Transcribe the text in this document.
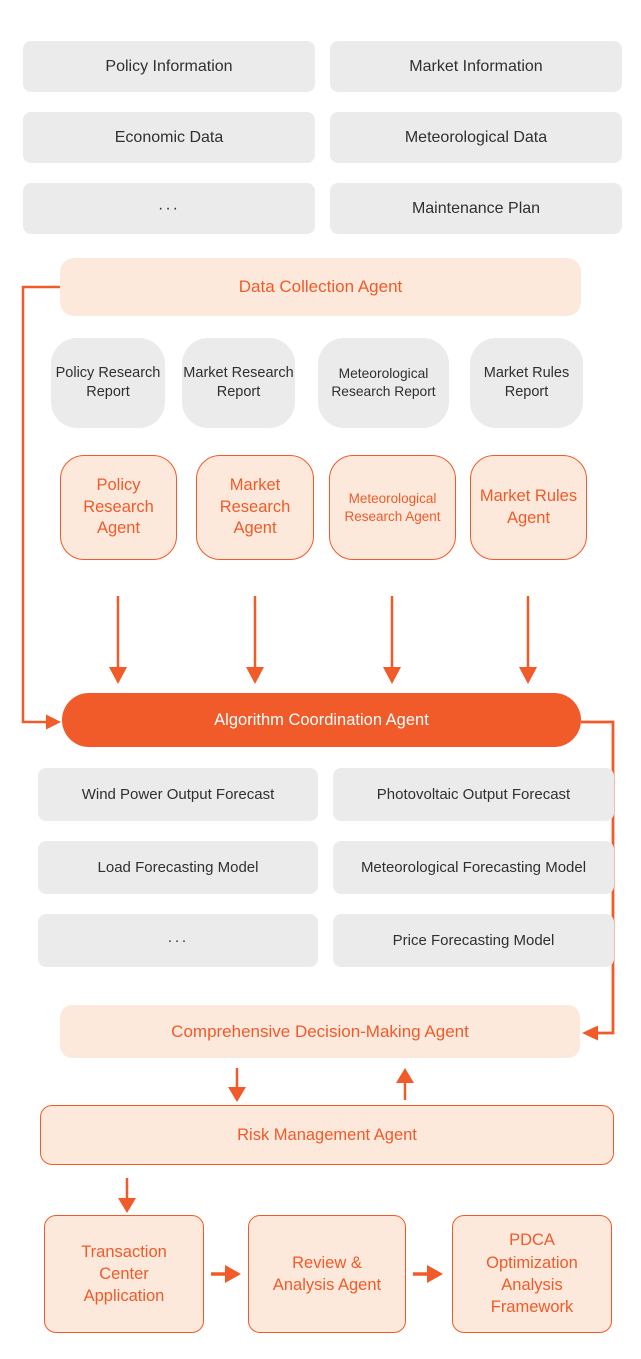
Policy Information	Market Information
Economic Data	Meteorological Data
···	Maintenance Plan
Data Collection Agent
Policy Research Report
Market Research Report
Meteorological Research Report
Market Rules Report
Policy Research Agent
Market Research Agent
Meteorological Research Agent
Market Rules Agent
Algorithm Coordination Agent
Wind Power Output Forecast	Photovoltaic Output Forecast
Load Forecasting Model	Meteorological Forecasting Model
···	Price Forecasting Model
Comprehensive Decision-Making Agent
Risk Management Agent
Transaction Center Application
Review & Analysis Agent
PDCA Optimization Analysis Framework
